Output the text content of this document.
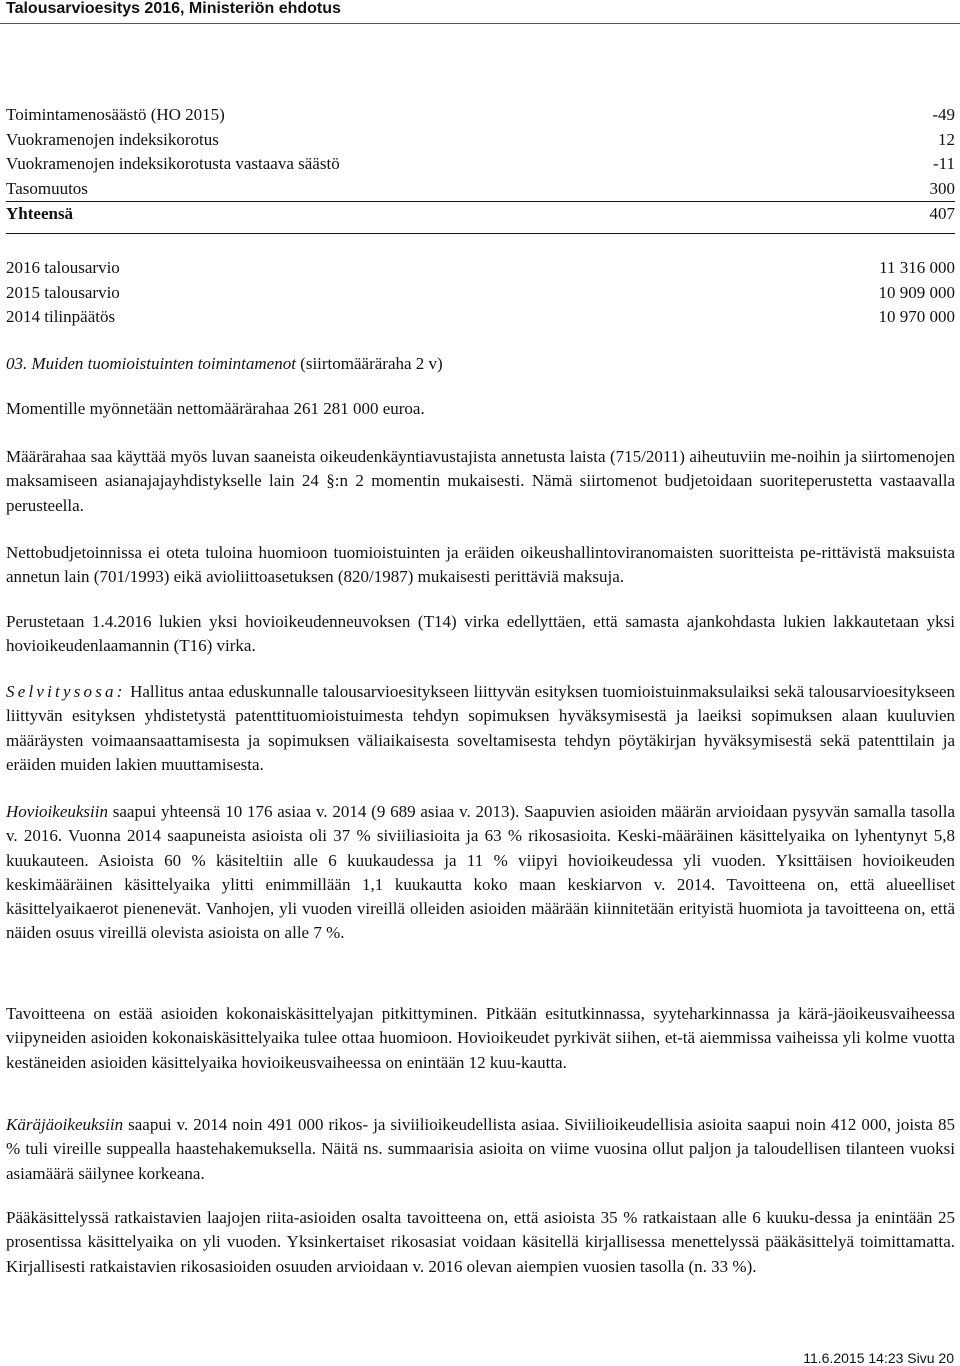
Talousarvioesitys 2016, Ministeriön ehdotus
Toimintamenosäästö (HO 2015)	-49
Vuokramenojen indeksikorotus	12
Vuokramenojen indeksikorotusta vastaava säästö	-11
Tasomuutos	300
Yhteensä	407
2016 talousarvio	11 316 000
2015 talousarvio	10 909 000
2014 tilinpäätös	10 970 000
03. Muiden tuomioistuinten toimintamenot (siirtomääräraha 2 v)

Momentille myönnetään nettomäärärahaa 261 281 000 euroa.

Määrärahaa saa käyttää myös luvan saaneista oikeudenkäyntiavustajista annetusta laista (715/2011) aiheutuviin me-noihin ja siirtomenojen maksamiseen asianajajayhdistykselle lain 24 §:n 2 momentin mukaisesti. Nämä siirtomenot budjetoidaan suoriteperustetta vastaavalla perusteella.

Nettobudjetoinnissa ei oteta tuloina huomioon tuomioistuinten ja eräiden oikeushallintoviranomaisten suoritteista pe-rittävistä maksuista annetun lain (701/1993) eikä avioliittoasetuksen (820/1987) mukaisesti perittäviä maksuja.

Perustetaan 1.4.2016 lukien yksi hovioikeudenneuvoksen (T14) virka edellyttäen, että samasta ajankohdasta lukien lakkautetaan yksi hovioikeudenlaamannin (T16) virka.

Selvitysosa: Hallitus antaa eduskunnalle talousarvioesitykseen liittyvän esityksen tuomioistuinmaksulaiksi sekä talousarvioesitykseen liittyvän esityksen yhdistetystä patenttituomioistuimesta tehdyn sopimuksen hyväksymisestä ja laeiksi sopimuksen alaan kuuluvien määräysten voimaansaattamisesta ja sopimuksen väliaikaisesta soveltamisesta tehdyn pöytäkirjan hyväksymisestä sekä patenttilain ja eräiden muiden lakien muuttamisesta.

Hovioikeuksiin saapui yhteensä 10 176 asiaa v. 2014 (9 689 asiaa v. 2013). Saapuvien asioiden määrän arvioidaan pysyvän samalla tasolla v. 2016. Vuonna 2014 saapuneista asioista oli 37 % siviiliasioita ja 63 % rikosasioita. Keski-määräinen käsittelyaika on lyhentynyt 5,8 kuukauteen. Asioista 60 % käsiteltiin alle 6 kuukaudessa ja 11 % viipyi hovioikeudessa yli vuoden. Yksittäisen hovioikeuden keskimääräinen käsittelyaika ylitti enimmillään 1,1 kuukautta koko maan keskiarvon v. 2014. Tavoitteena on, että alueelliset käsittelyaikaerot pienenevät. Vanhojen, yli vuoden vireillä olleiden asioiden määrään kiinnitetään erityistä huomiota ja tavoitteena on, että näiden osuus vireillä olevista asioista on alle 7 %.

Tavoitteena on estää asioiden kokonaiskäsittelyajan pitkittyminen. Pitkään esitutkinnassa, syyteharkinnassa ja kärä-jäoikeusvaiheessa viipyneiden asioiden kokonaiskäsittelyaika tulee ottaa huomioon. Hovioikeudet pyrkivät siihen, et-tä aiemmissa vaiheissa yli kolme vuotta kestäneiden asioiden käsittelyaika hovioikeusvaiheessa on enintään 12 kuu-kautta.

Käräjäoikeuksiin saapui v. 2014 noin 491 000 rikos- ja siviilioikeudellista asiaa. Siviilioikeudellisia asioita saapui noin 412 000, joista 85 % tuli vireille suppealla haastehakemuksella. Näitä ns. summaarisia asioita on viime vuosina ollut paljon ja taloudellisen tilanteen vuoksi asiamäärä säilynee korkeana.

Pääkäsittelyssä ratkaistavien laajojen riita-asioiden osalta tavoitteena on, että asioista 35 % ratkaistaan alle 6 kuuku-dessa ja enintään 25 prosentissa käsittelyaika on yli vuoden. Yksinkertaiset rikosasiat voidaan käsitellä kirjallisessa menettelyssä pääkäsittelyä toimittamatta. Kirjallisesti ratkaistavien rikosasioiden osuuden arvioidaan v. 2016 olevan aiempien vuosien tasolla (n. 33 %).

11.6.2015 14:23 Sivu 20
